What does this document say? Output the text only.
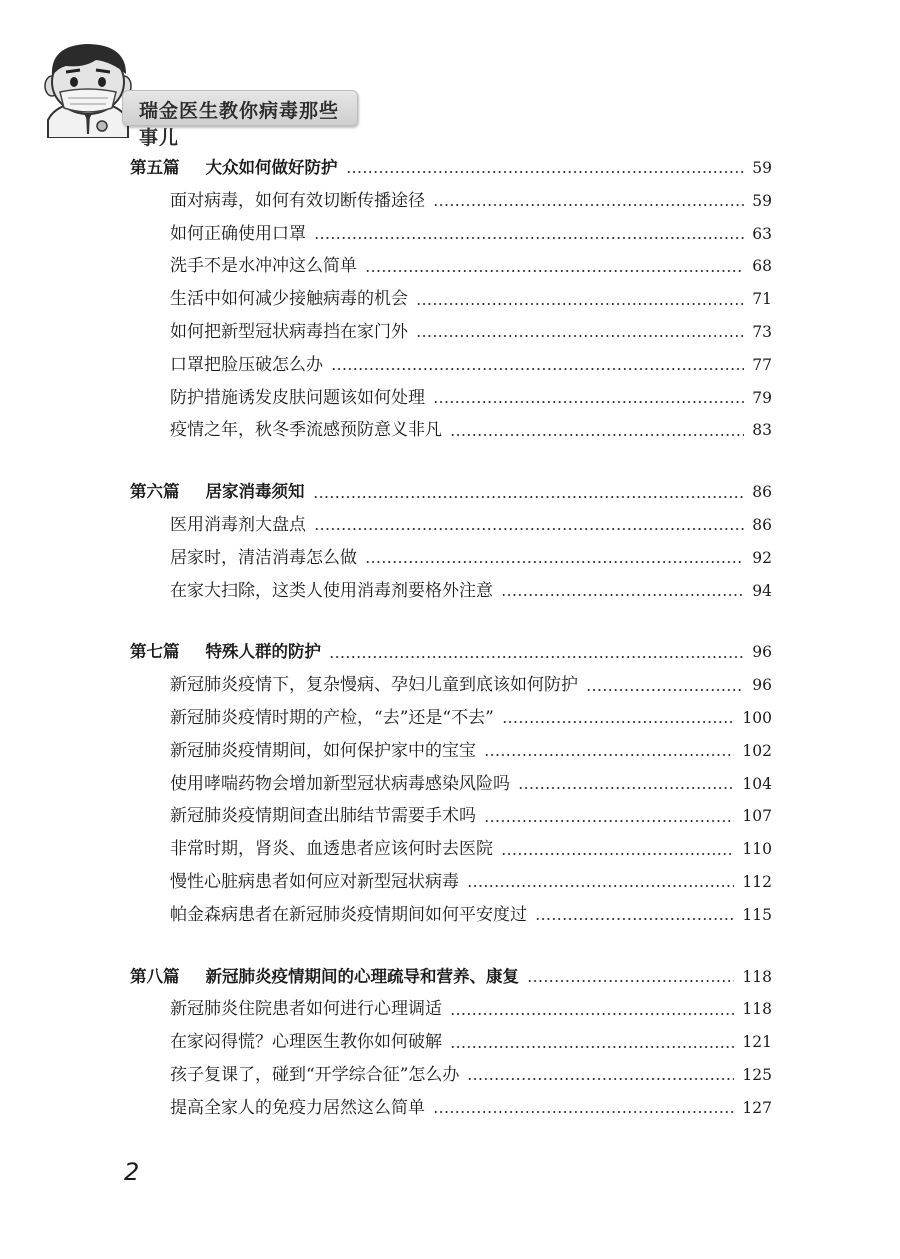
瑞金医生教你病毒那些事儿
第五篇 大众如何做好防护	59
面对病毒，如何有效切断传播途径	59
如何正确使用口罩	63
洗手不是水冲冲这么简单	68
生活中如何减少接触病毒的机会	71
如何把新型冠状病毒挡在家门外	73
口罩把脸压破怎么办	77
防护措施诱发皮肤问题该如何处理	79
疫情之年，秋冬季流感预防意义非凡	83
第六篇 居家消毒须知	86
医用消毒剂大盘点	86
居家时，清洁消毒怎么做	92
在家大扫除，这类人使用消毒剂要格外注意	94
第七篇 特殊人群的防护	96
新冠肺炎疫情下，复杂慢病、孕妇儿童到底该如何防护	96
新冠肺炎疫情时期的产检，“去”还是“不去”	100
新冠肺炎疫情期间，如何保护家中的宝宝	102
使用哮喘药物会增加新型冠状病毒感染风险吗	104
新冠肺炎疫情期间查出肺结节需要手术吗	107
非常时期，肾炎、血透患者应该何时去医院	110
慢性心脏病患者如何应对新型冠状病毒	112
帕金森病患者在新冠肺炎疫情期间如何平安度过	115
第八篇 新冠肺炎疫情期间的心理疏导和营养、康复	118
新冠肺炎住院患者如何进行心理调适	118
在家闷得慌？心理医生教你如何破解	121
孩子复课了，碰到“开学综合征”怎么办	125
提高全家人的免疫力居然这么简单	127
2
